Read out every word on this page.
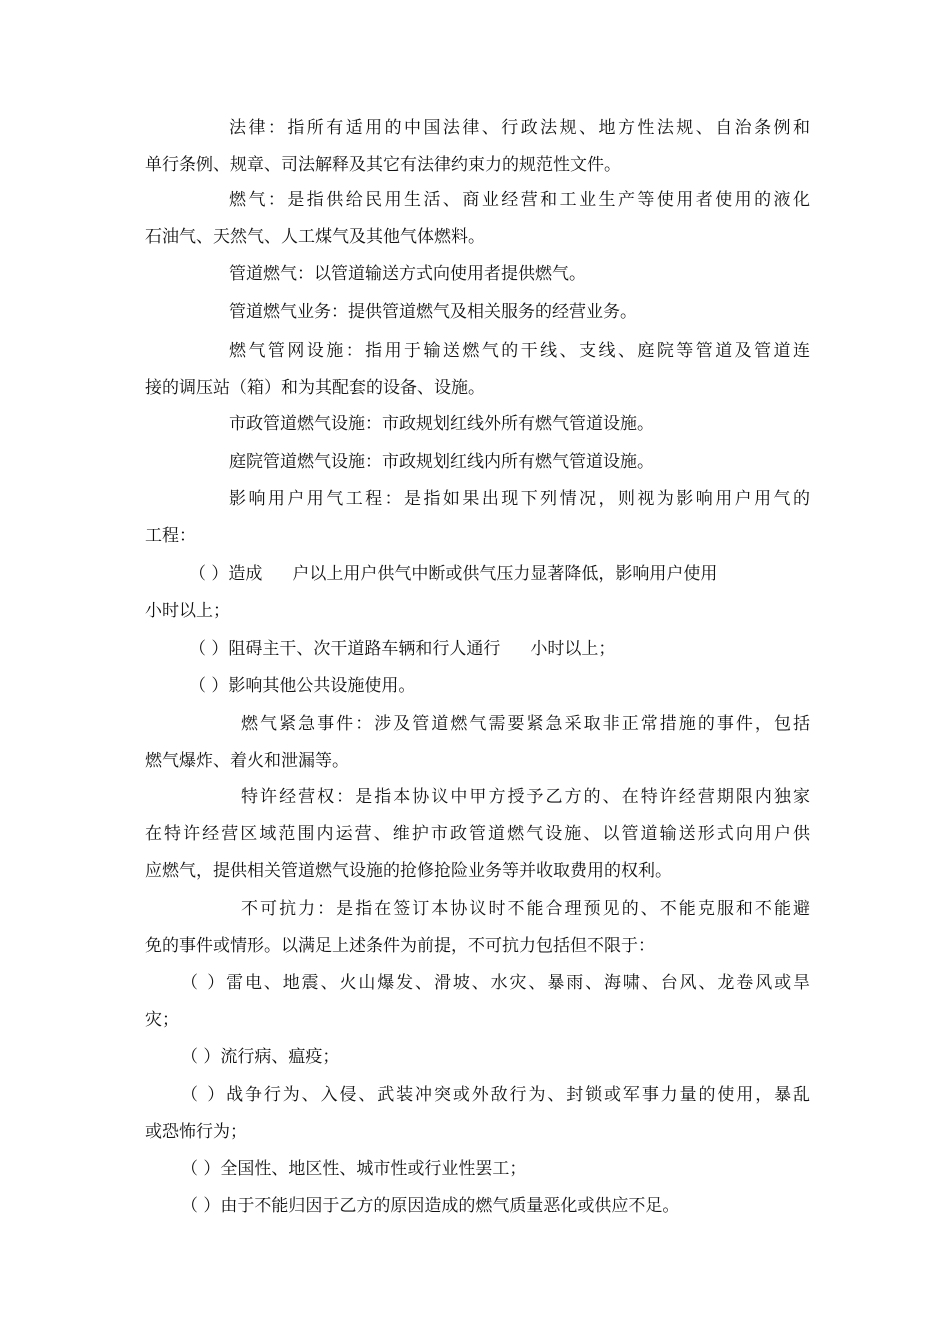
法律：指所有适用的中国法律、行政法规、地方性法规、自治条例和
单行条例、规章、司法解释及其它有法律约束力的规范性文件。
燃气：是指供给民用生活、商业经营和工业生产等使用者使用的液化
石油气、天然气、人工煤气及其他气体燃料。
管道燃气：以管道输送方式向使用者提供燃气。
管道燃气业务：提供管道燃气及相关服务的经营业务。
燃气管网设施：指用于输送燃气的干线、支线、庭院等管道及管道连
接的调压站（箱）和为其配套的设备、设施。
市政管道燃气设施：市政规划红线外所有燃气管道设施。
庭院管道燃气设施：市政规划红线内所有燃气管道设施。
影响用户用气工程：是指如果出现下列情况，则视为影响用户用气的
工程：
（ ）造成 户以上用户供气中断或供气压力显著降低，影响用户使用
小时以上；
（ ）阻碍主干、次干道路车辆和行人通行 小时以上；
（ ）影响其他公共设施使用。
燃气紧急事件：涉及管道燃气需要紧急采取非正常措施的事件，包括
燃气爆炸、着火和泄漏等。
特许经营权：是指本协议中甲方授予乙方的、在特许经营期限内独家
在特许经营区域范围内运营、维护市政管道燃气设施、以管道输送形式向用户供
应燃气，提供相关管道燃气设施的抢修抢险业务等并收取费用的权利。
不可抗力：是指在签订本协议时不能合理预见的、不能克服和不能避
免的事件或情形。以满足上述条件为前提，不可抗力包括但不限于：
（ ）雷电、地震、火山爆发、滑坡、水灾、暴雨、海啸、台风、龙卷风或旱
灾；
（ ）流行病、瘟疫；
（ ）战争行为、入侵、武装冲突或外敌行为、封锁或军事力量的使用，暴乱
或恐怖行为；
（ ）全国性、地区性、城市性或行业性罢工；
（ ）由于不能归因于乙方的原因造成的燃气质量恶化或供应不足。
